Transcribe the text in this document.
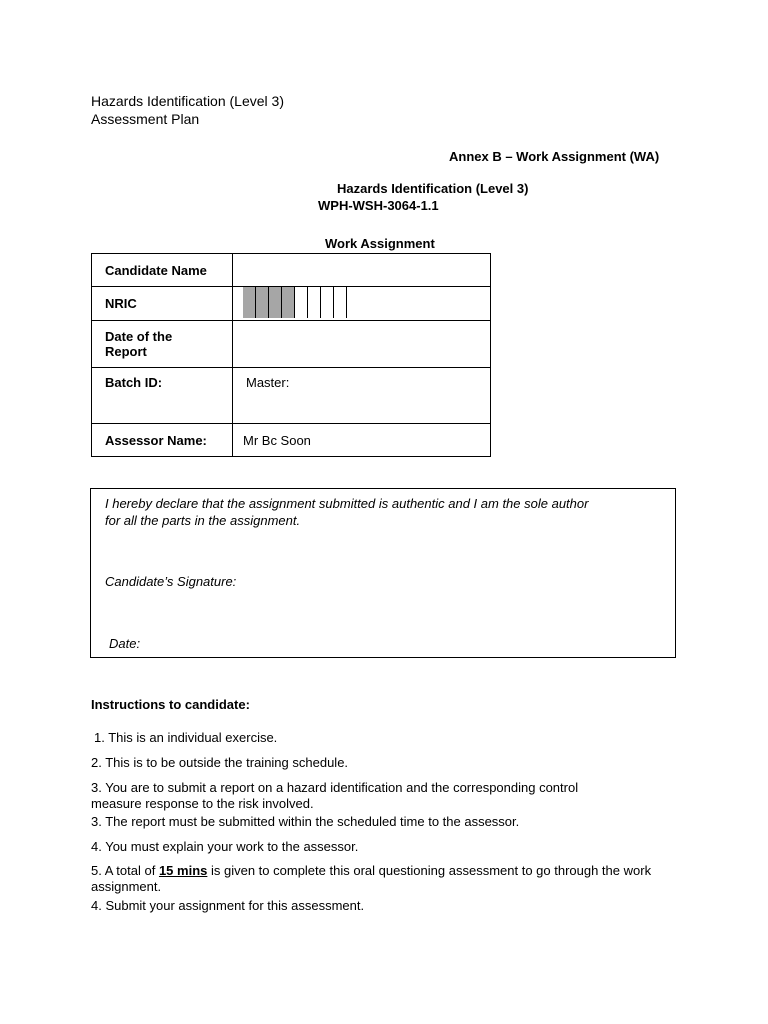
Hazards Identification (Level 3)
Assessment Plan
Annex B – Work Assignment (WA)
Hazards Identification (Level 3)
WPH-WSH-3064-1.1
Work Assignment
Candidate Name	
NRIC	

Date of the
Report	

Batch ID:	Master:
Assessor Name:	Mr Bc Soon
I hereby declare that the assignment submitted is authentic and I am the sole author
for all the parts in the assignment.
Candidate’s Signature:
Date:
Instructions to candidate:
1. This is an individual exercise.
2. This is to be outside the training schedule.
3. You are to submit a report on a hazard identification and the corresponding control measure response to the risk involved.
3. The report must be submitted within the scheduled time to the assessor.
4. You must explain your work to the assessor.
5. A total of 15 mins is given to complete this oral questioning assessment to go through the work assignment.
4. Submit your assignment for this assessment.
